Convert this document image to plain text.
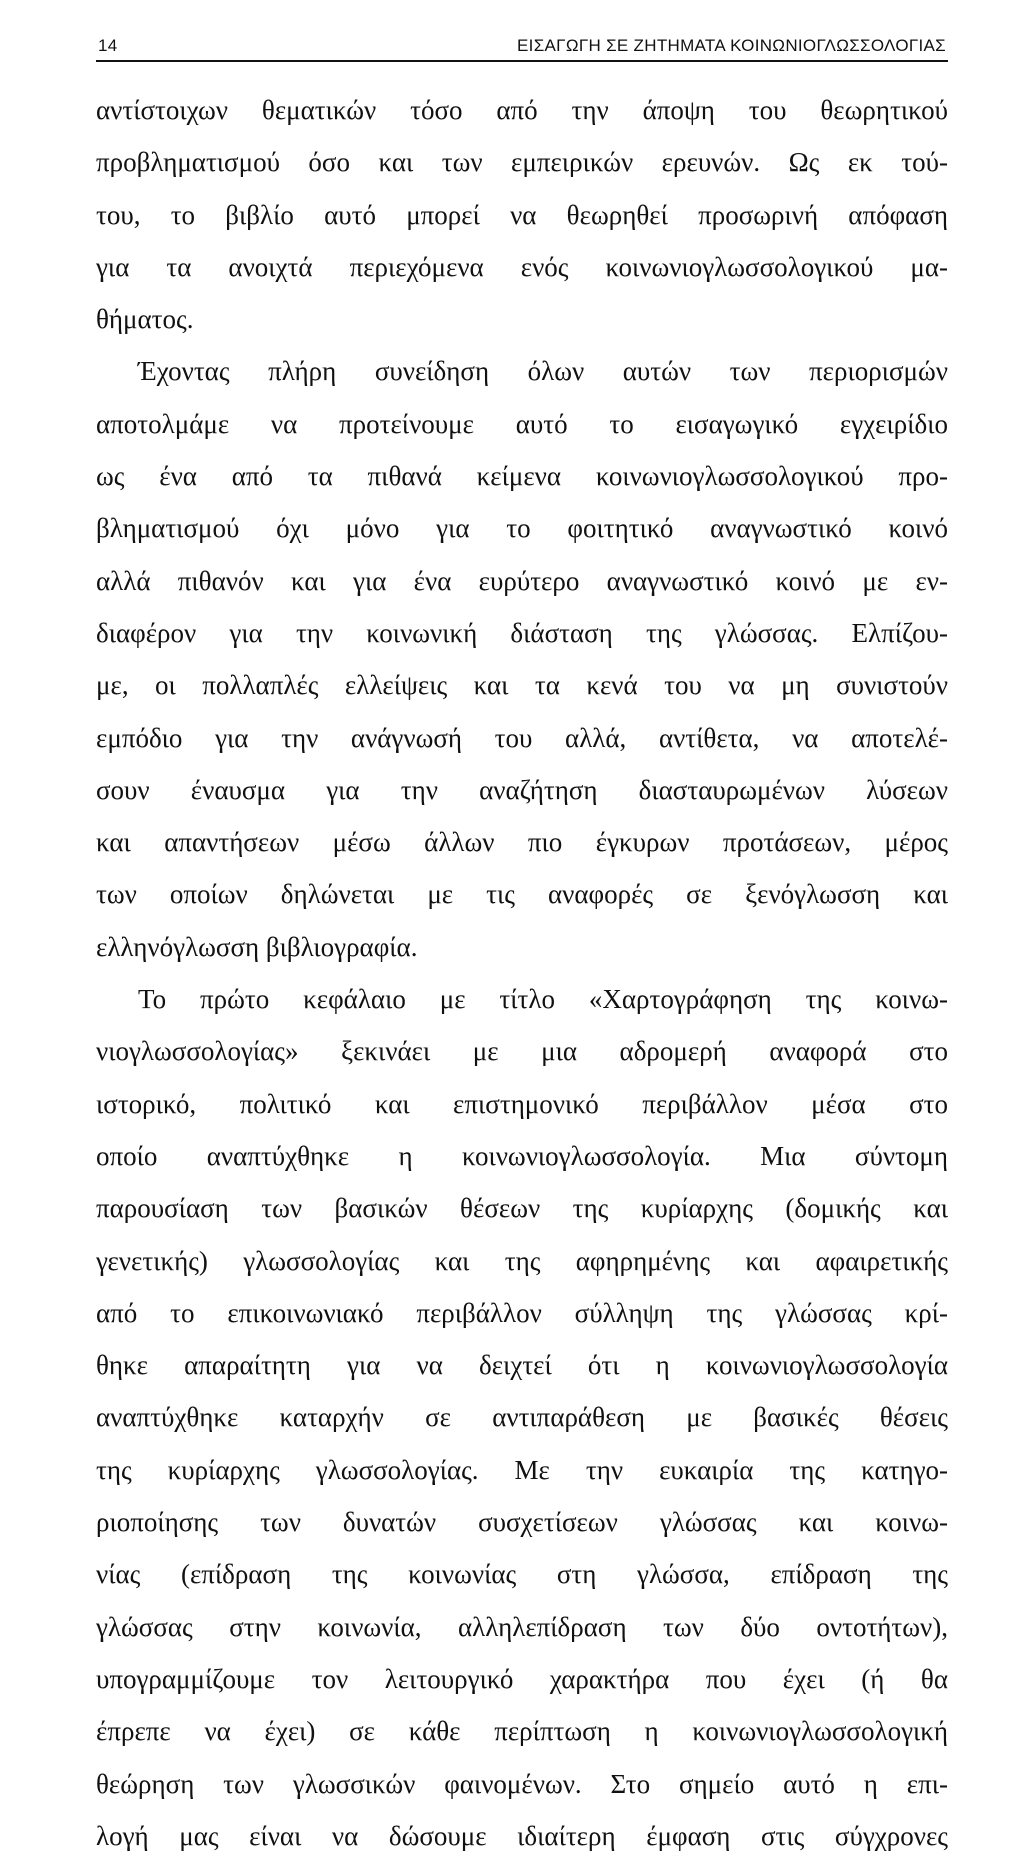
14	ΕΙΣΑΓΩΓΗ ΣΕ ΖΗΤΗΜΑΤΑ ΚΟΙΝΩΝΙΟΓΛΩΣΣΟΛΟΓΙΑΣ
αντίστοιχων θεματικών τόσο από την άποψη του θεωρητικού
προβληματισμού όσο και των εμπειρικών ερευνών. Ως εκ τού-
του, το βιβλίο αυτό μπορεί να θεωρηθεί προσωρινή απόφαση
για τα ανοιχτά περιεχόμενα ενός κοινωνιογλωσσολογικού μα-
θήματος.
Έχοντας πλήρη συνείδηση όλων αυτών των περιορισμών
αποτολμάμε να προτείνουμε αυτό το εισαγωγικό εγχειρίδιο
ως ένα από τα πιθανά κείμενα κοινωνιογλωσσολογικού προ-
βληματισμού όχι μόνο για το φοιτητικό αναγνωστικό κοινό
αλλά πιθανόν και για ένα ευρύτερο αναγνωστικό κοινό με εν-
διαφέρον για την κοινωνική διάσταση της γλώσσας. Ελπίζου-
με, οι πολλαπλές ελλείψεις και τα κενά του να μη συνιστούν
εμπόδιο για την ανάγνωσή του αλλά, αντίθετα, να αποτελέ-
σουν έναυσμα για την αναζήτηση διασταυρωμένων λύσεων
και απαντήσεων μέσω άλλων πιο έγκυρων προτάσεων, μέρος
των οποίων δηλώνεται με τις αναφορές σε ξενόγλωσση και
ελληνόγλωσση βιβλιογραφία.
Το πρώτο κεφάλαιο με τίτλο «Χαρτογράφηση της κοινω-
νιογλωσσολογίας» ξεκινάει με μια αδρομερή αναφορά στο
ιστορικό, πολιτικό και επιστημονικό περιβάλλον μέσα στο
οποίο αναπτύχθηκε η κοινωνιογλωσσολογία. Μια σύντομη
παρουσίαση των βασικών θέσεων της κυρίαρχης (δομικής και
γενετικής) γλωσσολογίας και της αφηρημένης και αφαιρετικής
από το επικοινωνιακό περιβάλλον σύλληψη της γλώσσας κρί-
θηκε απαραίτητη για να δειχτεί ότι η κοινωνιογλωσσολογία
αναπτύχθηκε καταρχήν σε αντιπαράθεση με βασικές θέσεις
της κυρίαρχης γλωσσολογίας. Με την ευκαιρία της κατηγο-
ριοποίησης των δυνατών συσχετίσεων γλώσσας και κοινω-
νίας (επίδραση της κοινωνίας στη γλώσσα, επίδραση της
γλώσσας στην κοινωνία, αλληλεπίδραση των δύο οντοτήτων),
υπογραμμίζουμε τον λειτουργικό χαρακτήρα που έχει (ή θα
έπρεπε να έχει) σε κάθε περίπτωση η κοινωνιογλωσσολογική
θεώρηση των γλωσσικών φαινομένων. Στο σημείο αυτό η επι-
λογή μας είναι να δώσουμε ιδιαίτερη έμφαση στις σύγχρονες
